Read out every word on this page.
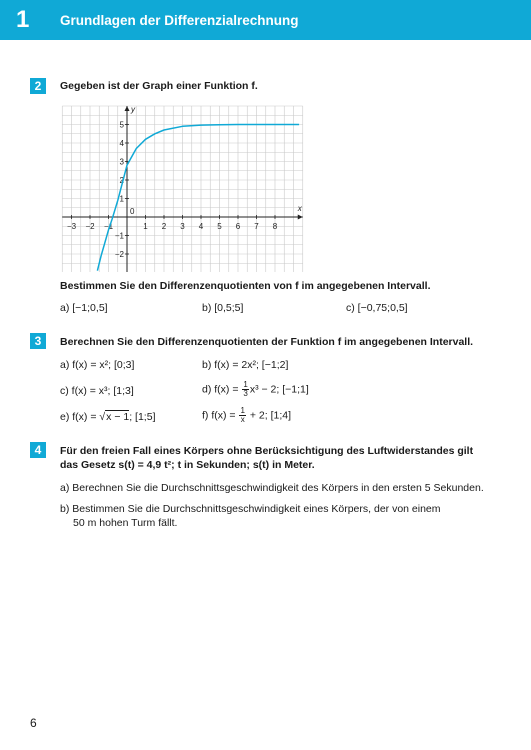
1 Grundlagen der Differenzialrechnung
2	Gegeben ist der Graph einer Funktion f.
x
y
−3 −2 −1	1 2 3 4 5 6 7 8
5
4
3
2
1
−1
−2
0
Bestimmen Sie den Differenzenquotienten von f im angegebenen Intervall.
a) [−1;0,5]	b) [0,5;5]	c) [−0,75;0,5]
3	Berechnen Sie den Differenzenquotienten der Funktion f im angegebenen Intervall.
a) f(x) = x²; [0;3]	b) f(x) = 2x²; [−1;2]
c) f(x) = x³; [1;3]	d) $f(x) = \frac{1}{3} x^3 - 2$; [−1;1]
e) f(x) = √x − 1; [1;5]	f) $f(x) = \frac{1}{x} + 2$; [1;4]
4	Für den freien Fall eines Körpers ohne Berücksichtigung des Luftwiderstandes gilt
das Gesetz s(t) = 4,9 t²; t in Sekunden; s(t) in Meter.
a) Berechnen Sie die Durchschnittsgeschwindigkeit des Körpers in den ersten 5 Sekunden.
b) Bestimmen Sie die Durchschnittsgeschwindigkeit eines Körpers, der von einem
50 m hohen Turm fällt.
6
